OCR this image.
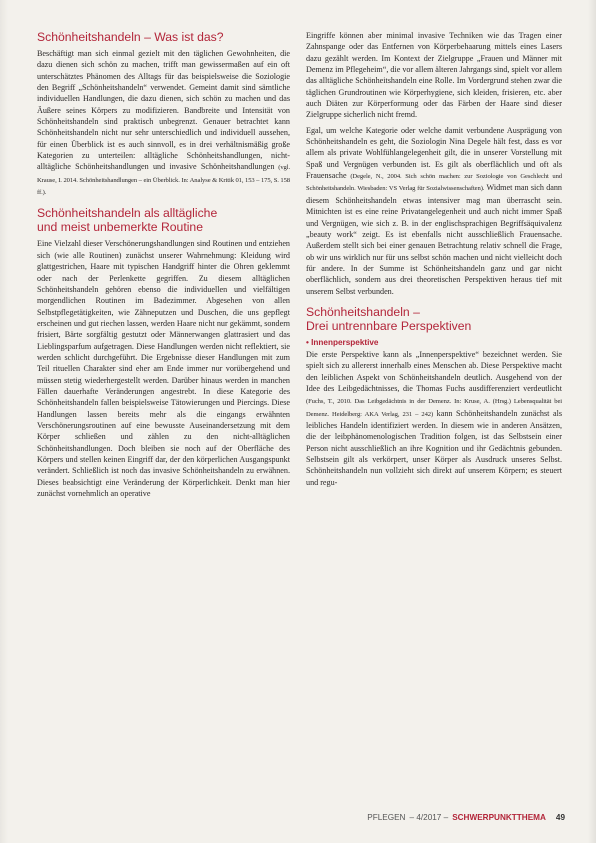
Schönheitshandeln – Was ist das?

Beschäftigt man sich einmal gezielt mit den täglichen Gewohnheiten, die dazu dienen sich schön zu machen, trifft man gewissermaßen auf ein oft unterschätztes Phänomen des Alltags für das beispielsweise die Soziologie den Begriff „Schönheitshandeln“ verwendet. Gemeint damit sind sämtliche individuellen Handlungen, die dazu dienen, sich schön zu machen und das Äußere seines Körpers zu modifizieren. Bandbreite und Intensität von Schönheitshandeln sind praktisch unbegrenzt. Genauer betrachtet kann Schönheitshandeln nicht nur sehr unterschiedlich und individuell aussehen, für einen Überblick ist es auch sinnvoll, es in drei verhältnismäßig große Kategorien zu unterteilen: alltägliche Schönheitshandlungen, nicht-alltägliche Schönheitshandlungen und invasive Schönheitshandlungen (vgl. Krause, I. 2014. Schönheitshandlungen – ein Überblick. In: Analyse & Kritik 01, 153 – 175, S. 158 ff.).

Schönheitshandeln als alltägliche
und meist unbemerkte Routine

Eine Vielzahl dieser Verschönerungshandlungen sind Routinen und entziehen sich (wie alle Routinen) zunächst unserer Wahrnehmung: Kleidung wird glattgestrichen, Haare mit typischen Handgriff hinter die Ohren geklemmt oder nach der Perlenkette gegriffen. Zu diesem alltäglichen Schönheitshandeln gehören ebenso die individuellen und vielfältigen morgendlichen Routinen im Badezimmer. Abgesehen von allen Selbstpflegetätigkeiten, wie Zähneputzen und Duschen, die uns gepflegt erscheinen und gut riechen lassen, werden Haare nicht nur gekämmt, sondern frisiert, Bärte sorgfältig gestutzt oder Männerwangen glattrasiert und das Lieblingsparfum aufgetragen. Diese Handlungen werden nicht reflektiert, sie werden schlicht durchgeführt. Die Ergebnisse dieser Handlungen mit zum Teil rituellen Charakter sind eher am Ende immer nur vorübergehend und müssen stetig wiederhergestellt werden. Darüber hinaus werden in manchen Fällen dauerhafte Veränderungen angestrebt. In diese Kategorie des Schönheitshandeln fallen beispielsweise Tätowierungen und Piercings. Diese Handlungen lassen bereits mehr als die eingangs erwähnten Verschönerungsroutinen auf eine bewusste Auseinandersetzung mit dem Körper schließen und zählen zu den nicht-alltäglichen Schönheitshandlungen. Doch bleiben sie noch auf der Oberfläche des Körpers und stellen keinen Eingriff dar, der den körperlichen Ausgangspunkt verändert. Schließlich ist noch das invasive Schönheitshandeln zu erwähnen. Dieses beabsichtigt eine Veränderung der Körperlichkeit. Denkt man hier zunächst vornehmlich an operative

Eingriffe können aber minimal invasive Techniken wie das Tragen einer Zahnspange oder das Entfernen von Körperbehaarung mittels eines Lasers dazu gezählt werden. Im Kontext der Zielgruppe „Frauen und Männer mit Demenz im Pflegeheim“, die vor allem älteren Jahrgangs sind, spielt vor allem das alltägliche Schönheitshandeln eine Rolle. Im Vordergrund stehen zwar die täglichen Grundroutinen wie Körperhygiene, sich kleiden, frisieren, etc. aber auch Diäten zur Körperformung oder das Färben der Haare sind dieser Zielgruppe sicherlich nicht fremd.

Egal, um welche Kategorie oder welche damit verbundene Ausprägung von Schönheitshandeln es geht, die Soziologin Nina Degele hält fest, dass es vor allem als private Wohlfühlangelegenheit gilt, die in unserer Vorstellung mit Spaß und Vergnügen verbunden ist. Es gilt als oberflächlich und oft als Frauensache (Degele, N., 2004. Sich schön machen: zur Soziologie von Geschlecht und Schönheitshandeln. Wiesbaden: VS Verlag für Sozialwissenschaften). Widmet man sich dann diesem Schönheitshandeln etwas intensiver mag man überrascht sein. Mitnichten ist es eine reine Privatangelegenheit und auch nicht immer Spaß und Vergnügen, wie sich z. B. in der englischsprachigen Begriffsäquivalenz „beauty work“ zeigt. Es ist ebenfalls nicht ausschließlich Frauensache. Außerdem stellt sich bei einer genauen Betrachtung relativ schnell die Frage, ob wir uns wirklich nur für uns selbst schön machen und nicht vielleicht doch für andere. In der Summe ist Schönheitshandeln ganz und gar nicht oberflächlich, sondern aus drei theoretischen Perspektiven heraus tief mit unserem Selbst verbunden.

Schönheitshandeln –
Drei untrennbare Perspektiven
• Innenperspektive

Die erste Perspektive kann als „Innenperspektive“ bezeichnet werden. Sie spielt sich zu allererst innerhalb eines Menschen ab. Diese Perspektive macht den leiblichen Aspekt von Schönheitshandeln deutlich. Ausgehend von der Idee des Leibgedächtnisses, die Thomas Fuchs ausdifferenziert verdeutlicht (Fuchs, T., 2010. Das Leibgedächtnis in der Demenz. In: Kruse, A. (Hrsg.) Lebensqualität bei Demenz. Heidelberg: AKA Verlag, 231 – 242) kann Schönheitshandeln zunächst als leibliches Handeln identifiziert werden. In diesem wie in anderen Ansätzen, die der leibphänomenologischen Tradition folgen, ist das Selbstsein einer Person nicht ausschließlich an ihre Kognition und ihr Gedächtnis gebunden. Selbstsein gilt als verkörpert, unser Körper als Ausdruck unseres Selbst. Schönheitshandeln nun vollzieht sich direkt auf unserem Körpern; es steuert und regu-

PFLEGEN – 4/2017 – SCHWERPUNKTTHEMA 49
